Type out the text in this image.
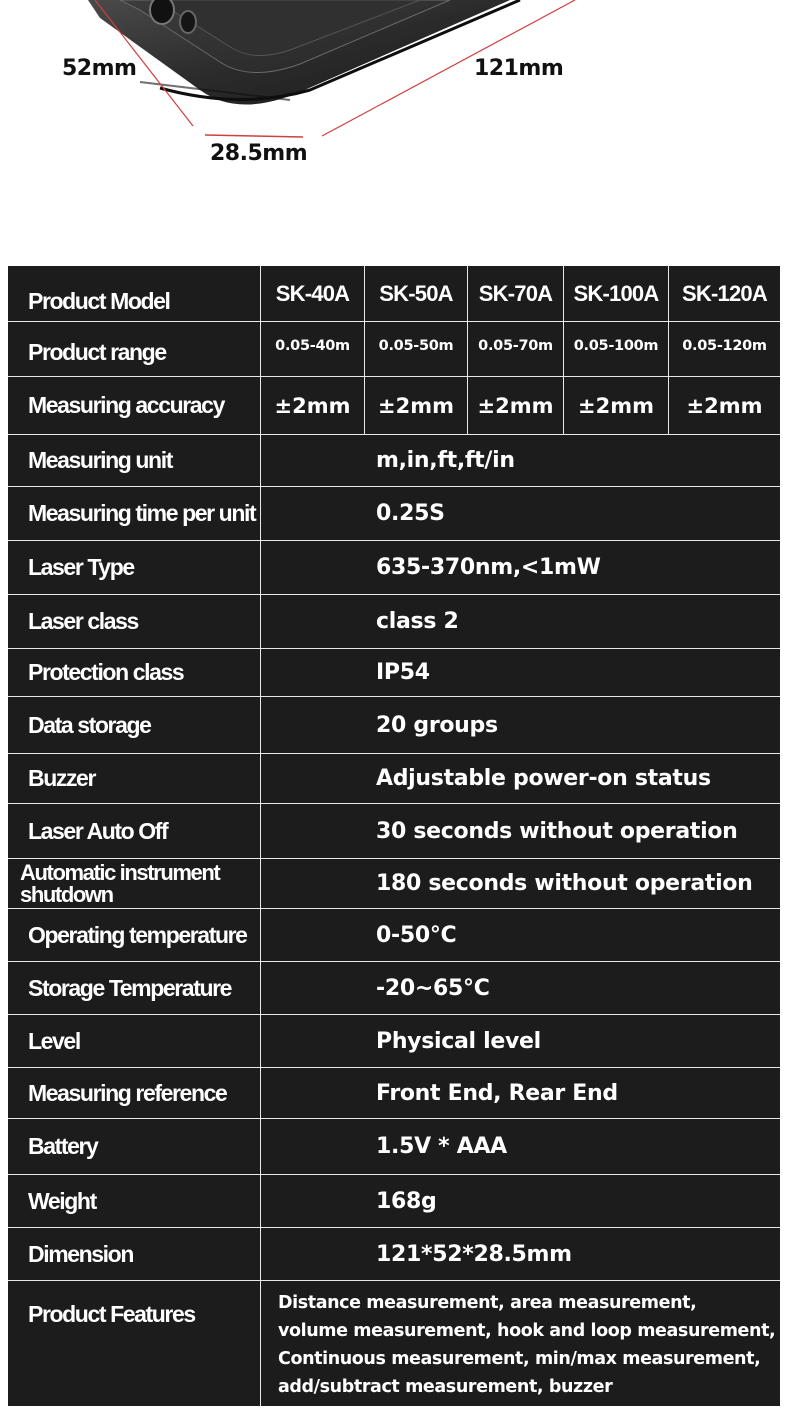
52mm	121mm
28.5mm
Product Model	SK-40A	SK-50A	SK-70A SK-100A	SK-120A
Product range	0.05-40m	0.05-50m	0.05-70m	0.05-100m	0.05-120m
Measuring accuracy	±2mm	±2mm	±2mm	±2mm	±2mm
Measuring unit	m,in,ft,ft/in
Measuring time per unit	0.25S
Laser Type	635-370nm,<1mW
Laser class	class 2
Protection class	IP54
Data storage	20 groups
Buzzer	Adjustable power-on status
Laser Auto Off	30 seconds without operation
Automatic instrument shutdown	180 seconds without operation
Operating temperature	0-50°C
Storage Temperature	-20~65°C
Level	Physical level
Measuring reference	Front End, Rear End
Battery	1.5V * AAA
Weight	168g
Dimension	121*52*28.5mm
Product Features	Distance measurement, area measurement,
volume measurement, hook and loop measurement,
Continuous measurement, min/max measurement,
add/subtract measurement, buzzer
